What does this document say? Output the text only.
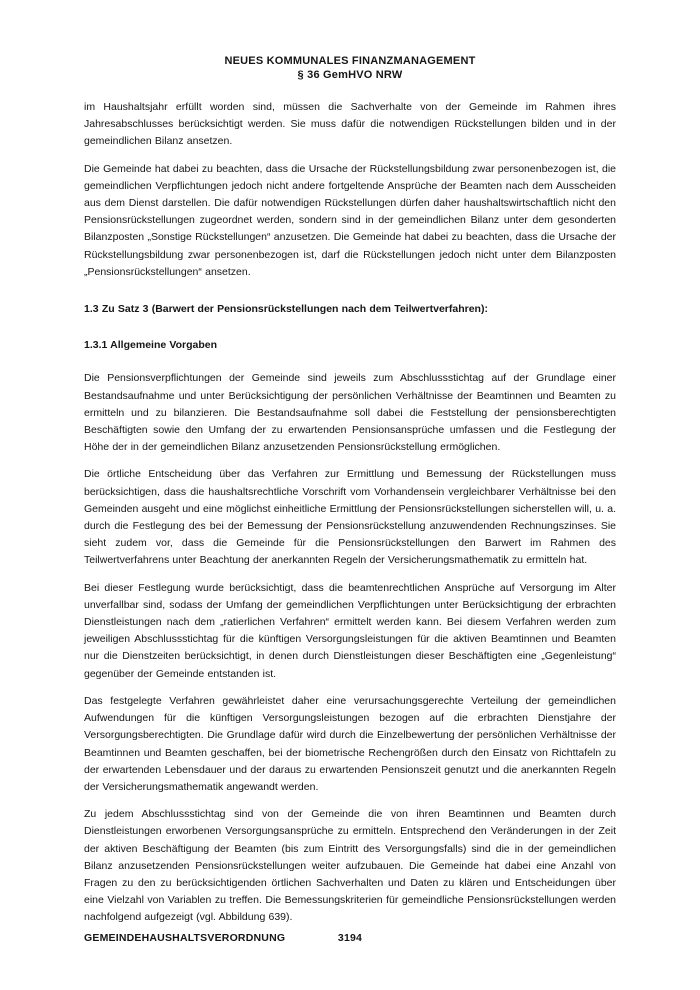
NEUES KOMMUNALES FINANZMANAGEMENT
§ 36 GemHVO NRW

im Haushaltsjahr erfüllt worden sind, müssen die Sachverhalte von der Gemeinde im Rahmen ihres Jahresabschlusses berücksichtigt werden. Sie muss dafür die notwendigen Rückstellungen bilden und in der gemeindlichen Bilanz ansetzen.

Die Gemeinde hat dabei zu beachten, dass die Ursache der Rückstellungsbildung zwar personenbezogen ist, die gemeindlichen Verpflichtungen jedoch nicht andere fortgeltende Ansprüche der Beamten nach dem Ausscheiden aus dem Dienst darstellen. Die dafür notwendigen Rückstellungen dürfen daher haushaltswirtschaftlich nicht den Pensionsrückstellungen zugeordnet werden, sondern sind in der gemeindlichen Bilanz unter dem gesonderten Bilanzposten „Sonstige Rückstellungen“ anzusetzen. Die Gemeinde hat dabei zu beachten, dass die Ursache der Rückstellungsbildung zwar personenbezogen ist, darf die Rückstellungen jedoch nicht unter dem Bilanzposten „Pensionsrückstellungen“ ansetzen.

1.3 Zu Satz 3 (Barwert der Pensionsrückstellungen nach dem Teilwertverfahren):
1.3.1 Allgemeine Vorgaben

Die Pensionsverpflichtungen der Gemeinde sind jeweils zum Abschlussstichtag auf der Grundlage einer Bestandsaufnahme und unter Berücksichtigung der persönlichen Verhältnisse der Beamtinnen und Beamten zu ermitteln und zu bilanzieren. Die Bestandsaufnahme soll dabei die Feststellung der pensionsberechtigten Beschäftigten sowie den Umfang der zu erwartenden Pensionsansprüche umfassen und die Festlegung der Höhe der in der gemeindlichen Bilanz anzusetzenden Pensionsrückstellung ermöglichen.

Die örtliche Entscheidung über das Verfahren zur Ermittlung und Bemessung der Rückstellungen muss berücksichtigen, dass die haushaltsrechtliche Vorschrift vom Vorhandensein vergleichbarer Verhältnisse bei den Gemeinden ausgeht und eine möglichst einheitliche Ermittlung der Pensionsrückstellungen sicherstellen will, u. a. durch die Festlegung des bei der Bemessung der Pensionsrückstellung anzuwendenden Rechnungszinses. Sie sieht zudem vor, dass die Gemeinde für die Pensionsrückstellungen den Barwert im Rahmen des Teilwertverfahrens unter Beachtung der anerkannten Regeln der Versicherungsmathematik zu ermitteln hat.

Bei dieser Festlegung wurde berücksichtigt, dass die beamtenrechtlichen Ansprüche auf Versorgung im Alter unverfallbar sind, sodass der Umfang der gemeindlichen Verpflichtungen unter Berücksichtigung der erbrachten Dienstleistungen nach dem „ratierlichen Verfahren“ ermittelt werden kann. Bei diesem Verfahren werden zum jeweiligen Abschlussstichtag für die künftigen Versorgungsleistungen für die aktiven Beamtinnen und Beamten nur die Dienstzeiten berücksichtigt, in denen durch Dienstleistungen dieser Beschäftigten eine „Gegenleistung“ gegenüber der Gemeinde entstanden ist.

Das festgelegte Verfahren gewährleistet daher eine verursachungsgerechte Verteilung der gemeindlichen Aufwendungen für die künftigen Versorgungsleistungen bezogen auf die erbrachten Dienstjahre der Versorgungsberechtigten. Die Grundlage dafür wird durch die Einzelbewertung der persönlichen Verhältnisse der Beamtinnen und Beamten geschaffen, bei der biometrische Rechengrößen durch den Einsatz von Richttafeln zu der erwartenden Lebensdauer und der daraus zu erwartenden Pensionszeit genutzt und die anerkannten Regeln der Versicherungsmathematik angewandt werden.

Zu jedem Abschlussstichtag sind von der Gemeinde die von ihren Beamtinnen und Beamten durch Dienstleistungen erworbenen Versorgungsansprüche zu ermitteln. Entsprechend den Veränderungen in der Zeit der aktiven Beschäftigung der Beamten (bis zum Eintritt des Versorgungsfalls) sind die in der gemeindlichen Bilanz anzusetzenden Pensionsrückstellungen weiter aufzubauen. Die Gemeinde hat dabei eine Anzahl von Fragen zu den zu berücksichtigenden örtlichen Sachverhalten und Daten zu klären und Entscheidungen über eine Vielzahl von Variablen zu treffen. Die Bemessungskriterien für gemeindliche Pensionsrückstellungen werden nachfolgend aufgezeigt (vgl. Abbildung 639).

GEMEINDEHAUSHALTSVERORDNUNG	3194
